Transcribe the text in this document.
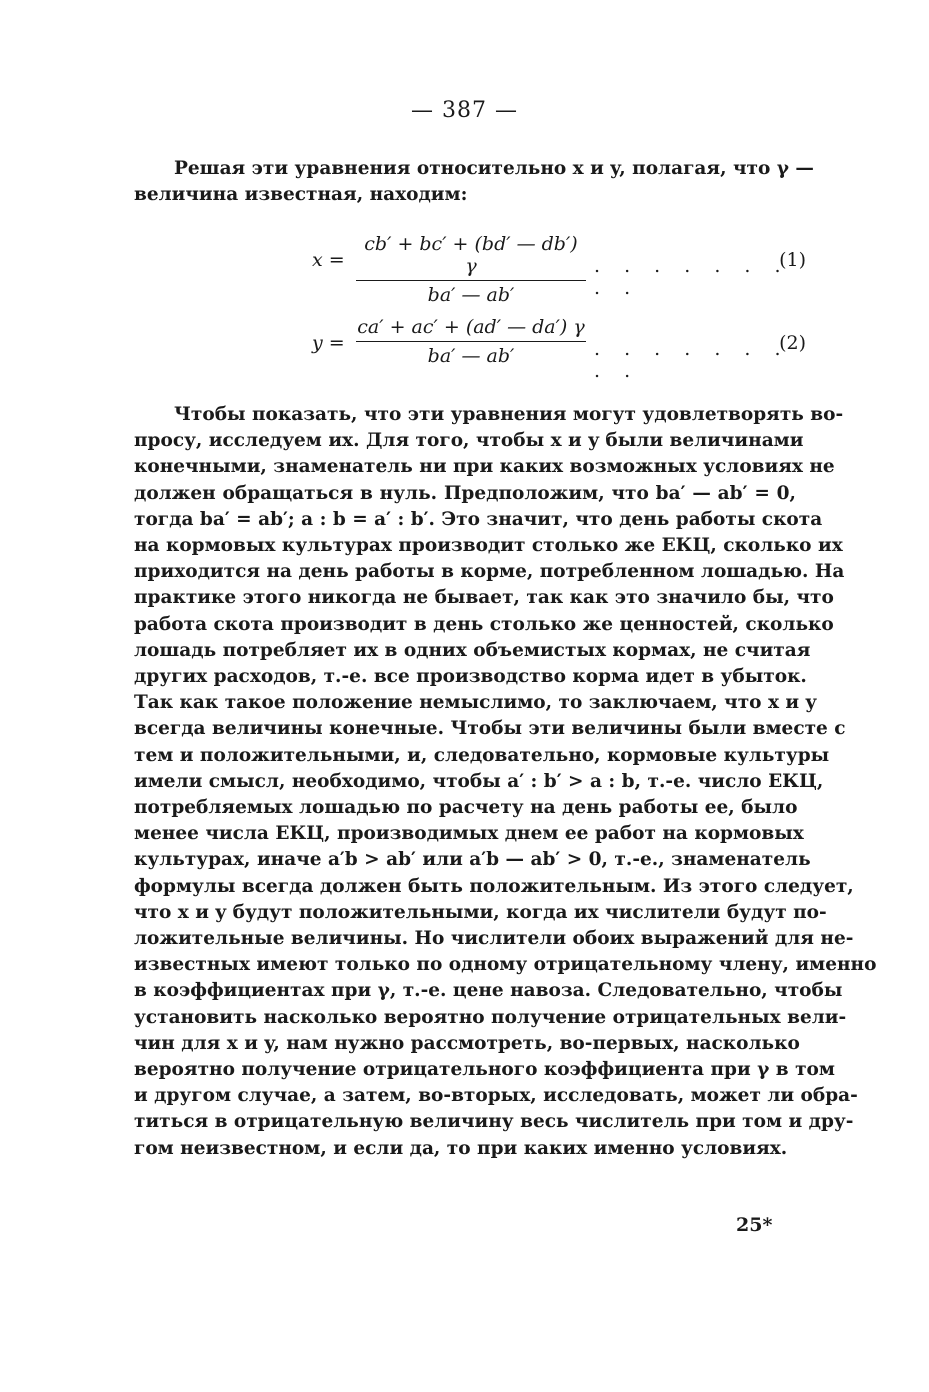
— 387 —
Решая эти уравнения относительно x и y, полагая, что γ —
величина известная, находим:
$x = \frac{cb' + bc' + (bd' — db') \gamma}{ba' — ab'}$ . . . . . . . . .
(1)
$y = \frac{ca' + ac' + (ad' — da') \gamma}{ba' — ab'}$ . . . . . . . . .
(2)
Чтобы показать, что эти уравнения могут удовлетворять во-
просу, исследуем их. Для того, чтобы x и y были величинами
конечными, знаменатель ни при каких возможных условиях не
должен обращаться в нуль. Предположим, что ba′ — ab′ = 0,
тогда ba′ = ab′; a : b = a′ : b′. Это значит, что день работы скота
на кормовых культурах производит столько же ЕКЦ, сколько их
приходится на день работы в корме, потребленном лошадью. На
практике этого никогда не бывает, так как это значило бы, что
работа скота производит в день столько же ценностей, сколько
лошадь потребляет их в одних объемистых кормах, не считая
других расходов, т.-е. все производство корма идет в убыток.
Так как такое положение немыслимо, то заключаем, что x и y
всегда величины конечные. Чтобы эти величины были вместе с
тем и положительными, и, следовательно, кормовые культуры
имели смысл, необходимо, чтобы a′ : b′ > a : b, т.-е. число ЕКЦ,
потребляемых лошадью по расчету на день работы ее, было
менее числа ЕКЦ, производимых днем ее работ на кормовых
культурах, иначе a′b > ab′ или a′b — ab′ > 0, т.-е., знаменатель
формулы всегда должен быть положительным. Из этого следует,
что x и y будут положительными, когда их числители будут по-
ложительные величины. Но числители обоих выражений для не-
известных имеют только по одному отрицательному члену, именно
в коэффициентах при γ, т.-е. цене навоза. Следовательно, чтобы
установить насколько вероятно получение отрицательных вели-
чин для x и y, нам нужно рассмотреть, во-первых, насколько
вероятно получение отрицательного коэффициента при γ в том
и другом случае, а затем, во-вторых, исследовать, может ли обра-
титься в отрицательную величину весь числитель при том и дру-
гом неизвестном, и если да, то при каких именно условиях.
25*
